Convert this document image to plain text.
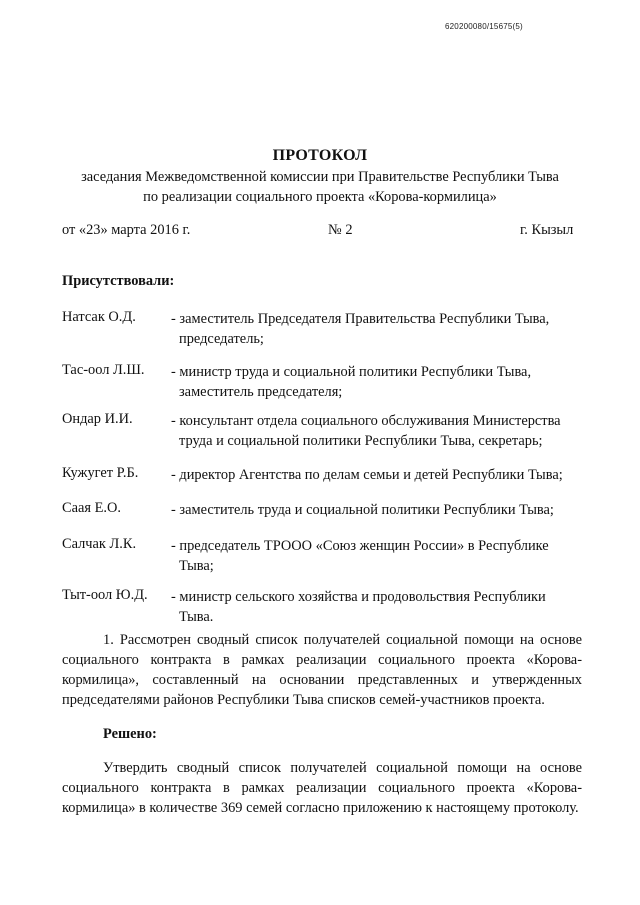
620200080/15675(5)
ПРОТОКОЛ
заседания Межведомственной комиссии при Правительстве Республики Тыва
по реализации социального проекта «Корова-кормилица»
от «23» марта 2016 г.	№ 2	г. Кызыл
Присутствовали:
Натсак О.Д. - заместитель Председателя Правительства Республики Тыва,
председатель;
Тас-оол Л.Ш. - министр труда и социальной политики Республики Тыва,
заместитель председателя;
Ондар И.И.	- консультант отдела социального обслуживания Министерства
труда и социальной политики Республики Тыва, секретарь;
Кужугет Р.Б. - директор Агентства по делам семьи и детей Республики Тыва;
Саая Е.О.	- заместитель труда и социальной политики Республики Тыва;
Салчак Л.К. - председатель ТРООО «Союз женщин России» в Республике
Тыва;
Тыт-оол Ю.Д. - министр сельского хозяйства и продовольствия Республики
Тыва.
1. Рассмотрен сводный список получателей социальной помощи на основе
социального контракта в рамках реализации социального проекта «Корова-
кормилица», составленный на основании представленных и утвержденных
председателями районов Республики Тыва списков семей-участников проекта.
Решено:
Утвердить сводный список получателей социальной помощи на основе
социального контракта в рамках реализации социального проекта «Корова-
кормилица» в количестве 369 семей согласно приложению к настоящему протоколу.
